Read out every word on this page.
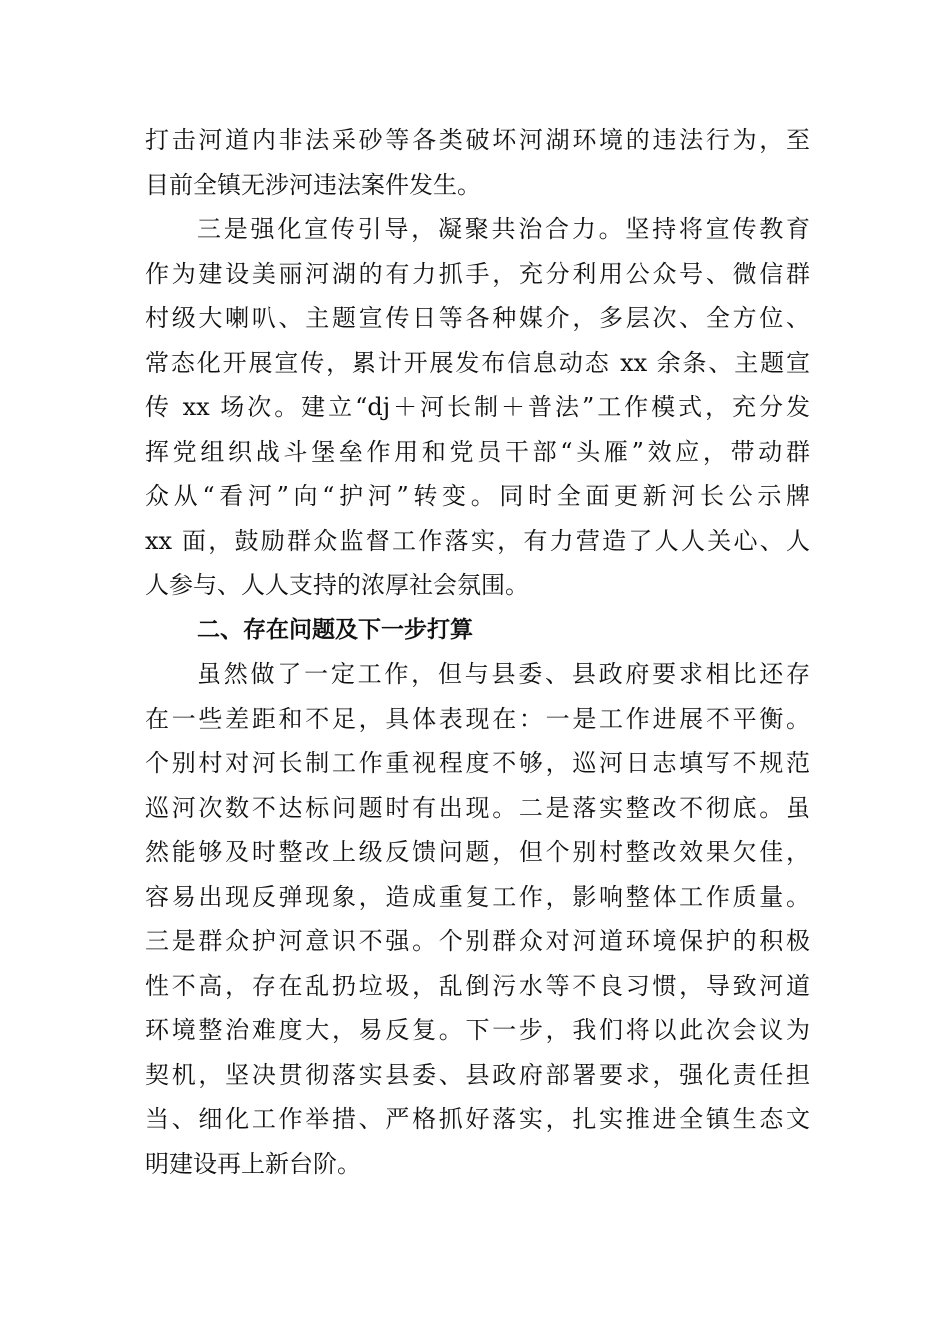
打击河道内非法采砂等各类破坏河湖环境的违法行为，至
目前全镇无涉河违法案件发生。
三是强化宣传引导，凝聚共治合力。坚持将宣传教育
作为建设美丽河湖的有力抓手，充分利用公众号、微信群
村级大喇叭、主题宣传日等各种媒介，多层次、全方位、
常态化开展宣传，累计开展发布信息动态 xx 余条、主题宣
传 xx 场次。建立“dj＋河长制＋普法”工作模式，充分发
挥党组织战斗堡垒作用和党员干部“头雁”效应，带动群
众从“看河”向“护河”转变。同时全面更新河长公示牌
xx 面，鼓励群众监督工作落实，有力营造了人人关心、人
人参与、人人支持的浓厚社会氛围。
二、存在问题及下一步打算
虽然做了一定工作，但与县委、县政府要求相比还存
在一些差距和不足，具体表现在：一是工作进展不平衡。
个别村对河长制工作重视程度不够，巡河日志填写不规范
巡河次数不达标问题时有出现。二是落实整改不彻底。虽
然能够及时整改上级反馈问题，但个别村整改效果欠佳，
容易出现反弹现象，造成重复工作，影响整体工作质量。
三是群众护河意识不强。个别群众对河道环境保护的积极
性不高，存在乱扔垃圾，乱倒污水等不良习惯，导致河道
环境整治难度大，易反复。下一步，我们将以此次会议为
契机，坚决贯彻落实县委、县政府部署要求，强化责任担
当、细化工作举措、严格抓好落实，扎实推进全镇生态文
明建设再上新台阶。
